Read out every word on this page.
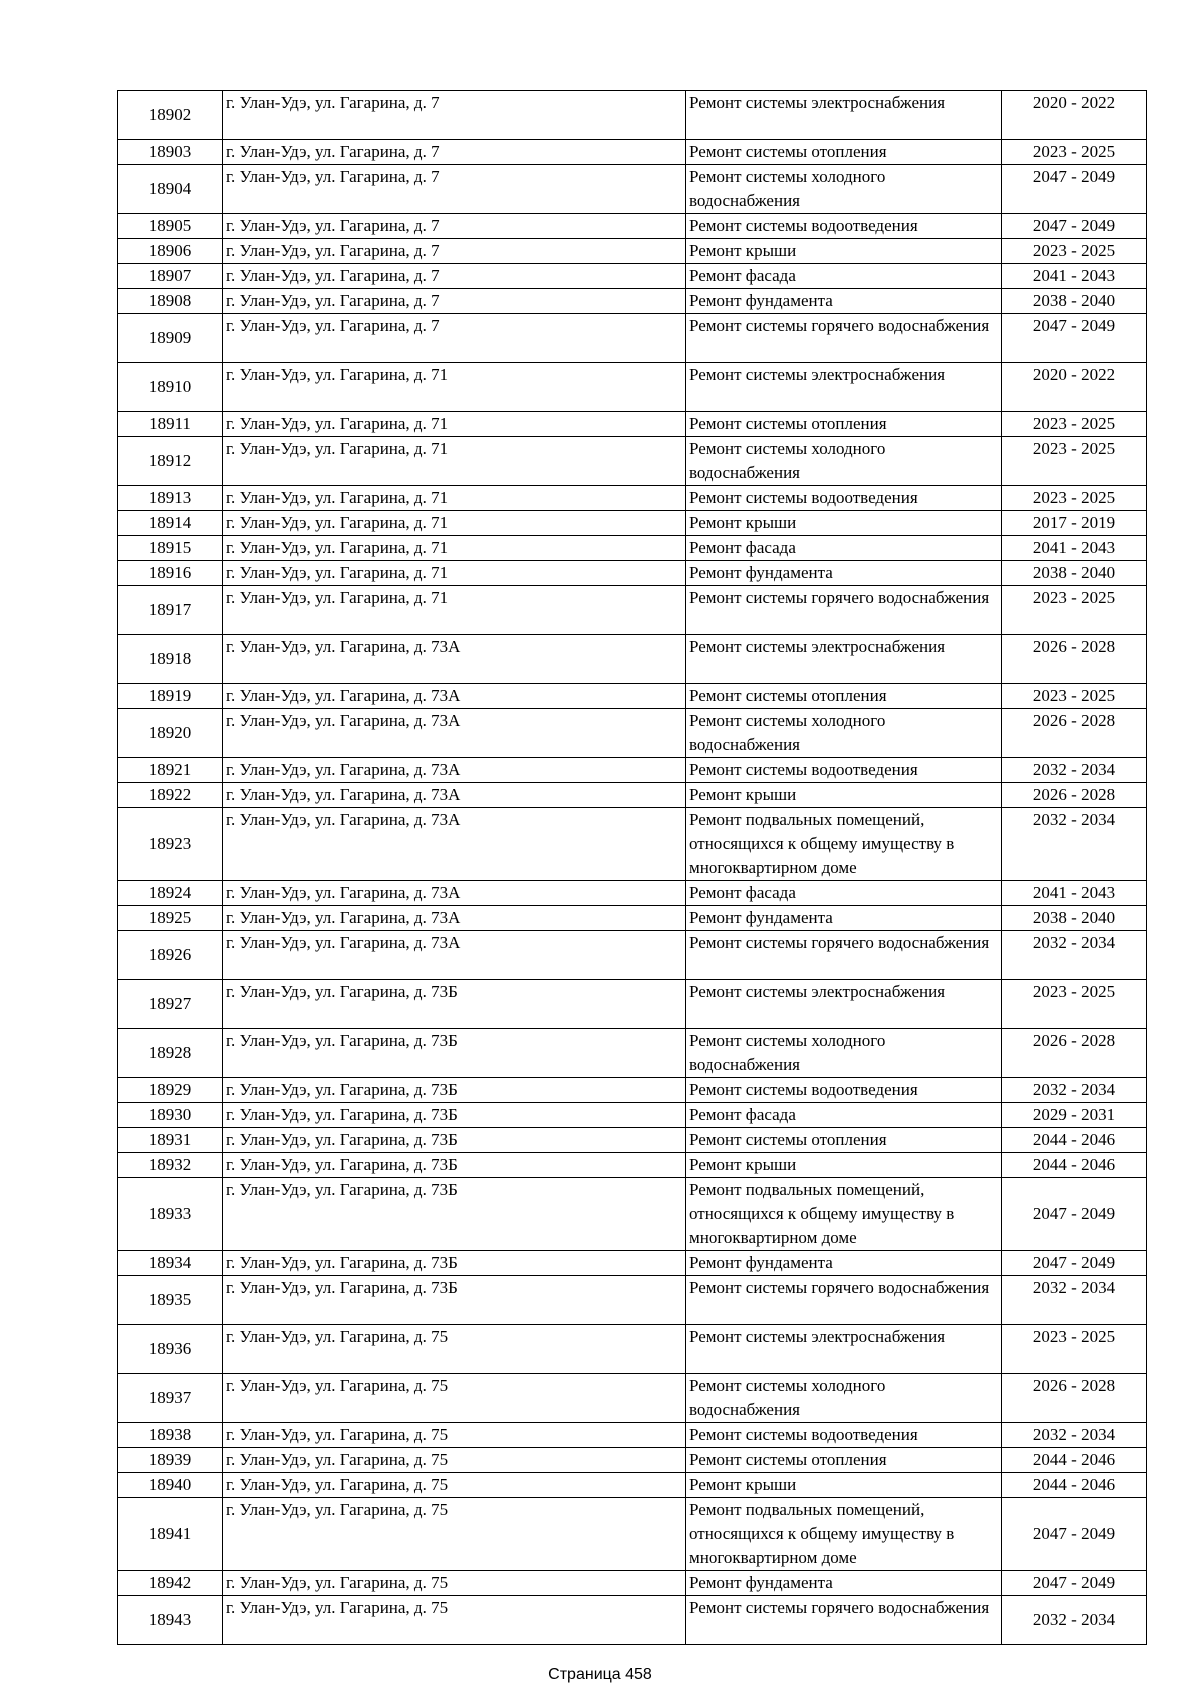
18902	г. Улан-Удэ, ул. Гагарина, д. 7	Ремонт системы электроснабжения	2020 - 2022
18903	г. Улан-Удэ, ул. Гагарина, д. 7	Ремонт системы отопления	2023 - 2025
18904	г. Улан-Удэ, ул. Гагарина, д. 7	Ремонт системы холодного водоснабжения	2047 - 2049
18905	г. Улан-Удэ, ул. Гагарина, д. 7	Ремонт системы водоотведения	2047 - 2049
18906	г. Улан-Удэ, ул. Гагарина, д. 7	Ремонт крыши	2023 - 2025
18907	г. Улан-Удэ, ул. Гагарина, д. 7	Ремонт фасада	2041 - 2043
18908	г. Улан-Удэ, ул. Гагарина, д. 7	Ремонт фундамента	2038 - 2040
18909	г. Улан-Удэ, ул. Гагарина, д. 7	Ремонт системы горячего водоснабжения	2047 - 2049
18910	г. Улан-Удэ, ул. Гагарина, д. 71	Ремонт системы электроснабжения	2020 - 2022
18911	г. Улан-Удэ, ул. Гагарина, д. 71	Ремонт системы отопления	2023 - 2025
18912	г. Улан-Удэ, ул. Гагарина, д. 71	Ремонт системы холодного водоснабжения	2023 - 2025
18913	г. Улан-Удэ, ул. Гагарина, д. 71	Ремонт системы водоотведения	2023 - 2025
18914	г. Улан-Удэ, ул. Гагарина, д. 71	Ремонт крыши	2017 - 2019
18915	г. Улан-Удэ, ул. Гагарина, д. 71	Ремонт фасада	2041 - 2043
18916	г. Улан-Удэ, ул. Гагарина, д. 71	Ремонт фундамента	2038 - 2040
18917	г. Улан-Удэ, ул. Гагарина, д. 71	Ремонт системы горячего водоснабжения	2023 - 2025
18918	г. Улан-Удэ, ул. Гагарина, д. 73А	Ремонт системы электроснабжения	2026 - 2028
18919	г. Улан-Удэ, ул. Гагарина, д. 73А	Ремонт системы отопления	2023 - 2025
18920	г. Улан-Удэ, ул. Гагарина, д. 73А	Ремонт системы холодного водоснабжения	2026 - 2028
18921	г. Улан-Удэ, ул. Гагарина, д. 73А	Ремонт системы водоотведения	2032 - 2034
18922	г. Улан-Удэ, ул. Гагарина, д. 73А	Ремонт крыши	2026 - 2028
18923	г. Улан-Удэ, ул. Гагарина, д. 73А	Ремонт подвальных помещений, относящихся к общему имуществу в многоквартирном доме	2032 - 2034
18924	г. Улан-Удэ, ул. Гагарина, д. 73А	Ремонт фасада	2041 - 2043
18925	г. Улан-Удэ, ул. Гагарина, д. 73А	Ремонт фундамента	2038 - 2040
18926	г. Улан-Удэ, ул. Гагарина, д. 73А	Ремонт системы горячего водоснабжения	2032 - 2034
18927	г. Улан-Удэ, ул. Гагарина, д. 73Б	Ремонт системы электроснабжения	2023 - 2025
18928	г. Улан-Удэ, ул. Гагарина, д. 73Б	Ремонт системы холодного водоснабжения	2026 - 2028
18929	г. Улан-Удэ, ул. Гагарина, д. 73Б	Ремонт системы водоотведения	2032 - 2034
18930	г. Улан-Удэ, ул. Гагарина, д. 73Б	Ремонт фасада	2029 - 2031
18931	г. Улан-Удэ, ул. Гагарина, д. 73Б	Ремонт системы отопления	2044 - 2046
18932	г. Улан-Удэ, ул. Гагарина, д. 73Б	Ремонт крыши	2044 - 2046
18933	г. Улан-Удэ, ул. Гагарина, д. 73Б	Ремонт подвальных помещений, относящихся к общему имуществу в многоквартирном доме	2047 - 2049
18934	г. Улан-Удэ, ул. Гагарина, д. 73Б	Ремонт фундамента	2047 - 2049
18935	г. Улан-Удэ, ул. Гагарина, д. 73Б	Ремонт системы горячего водоснабжения	2032 - 2034
18936	г. Улан-Удэ, ул. Гагарина, д. 75	Ремонт системы электроснабжения	2023 - 2025
18937	г. Улан-Удэ, ул. Гагарина, д. 75	Ремонт системы холодного водоснабжения	2026 - 2028
18938	г. Улан-Удэ, ул. Гагарина, д. 75	Ремонт системы водоотведения	2032 - 2034
18939	г. Улан-Удэ, ул. Гагарина, д. 75	Ремонт системы отопления	2044 - 2046
18940	г. Улан-Удэ, ул. Гагарина, д. 75	Ремонт крыши	2044 - 2046
18941	г. Улан-Удэ, ул. Гагарина, д. 75	Ремонт подвальных помещений, относящихся к общему имуществу в многоквартирном доме	2047 - 2049
18942	г. Улан-Удэ, ул. Гагарина, д. 75	Ремонт фундамента	2047 - 2049
18943	г. Улан-Удэ, ул. Гагарина, д. 75	Ремонт системы горячего водоснабжения	2032 - 2034
Страница 458
